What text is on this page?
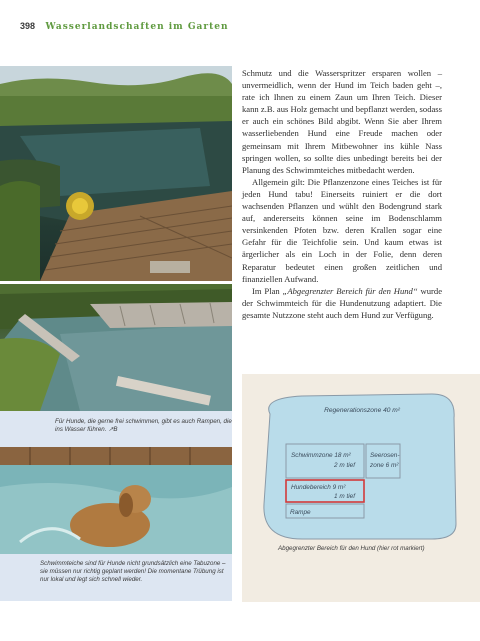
398 Wasserlandschaften im Garten
Für Hunde, die gerne frei schwimmen, gibt es auch Rampen, die ins Wasser führen. ↗B
Schwimmteiche sind für Hunde nicht grundsätzlich eine Tabuzone – sie müssen nur richtig geplant werden! Die momentane Trübung ist nur lokal und legt sich schnell wieder.

Schmutz und die Wasserspritzer ersparen wollen – unvermeidlich, wenn der Hund im Teich baden geht –, rate ich Ihnen zu einem Zaun um Ihren Teich. Dieser kann z.B. aus Holz gemacht und bepflanzt werden, sodass er auch ein schönes Bild abgibt. Wenn Sie aber Ihrem wasserliebenden Hund eine Freude machen oder gemeinsam mit Ihrem Mitbewohner ins kühle Nass springen wollen, so sollte dies unbedingt bereits bei der Planung des Schwimmteiches mitbedacht werden.

Allgemein gilt: Die Pflanzenzone eines Teiches ist für jeden Hund tabu! Einerseits ruiniert er die dort wachsenden Pflanzen und wühlt den Bodengrund stark auf, andererseits können seine im Bodenschlamm versinkenden Pfoten bzw. deren Krallen sogar eine Gefahr für die Teichfolie sein. Und kaum etwas ist ärgerlicher als ein Loch in der Folie, denn deren Reparatur bedeutet einen großen zeitlichen und finanziellen Aufwand.

Im Plan „Abgegrenzter Bereich für den Hund“ wurde der Schwimmteich für die Hundenutzung adaptiert. Die gesamte Nutzzone steht auch dem Hund zur Verfügung.

Regenerationszone 40 m²
Schwimmzone 18 m²
2 m tief
Seerosen-
zone 6 m²
Hundebereich 9 m²
1 m tief
Rampe
Abgegrenzter Bereich für den Hund (hier rot markiert)
